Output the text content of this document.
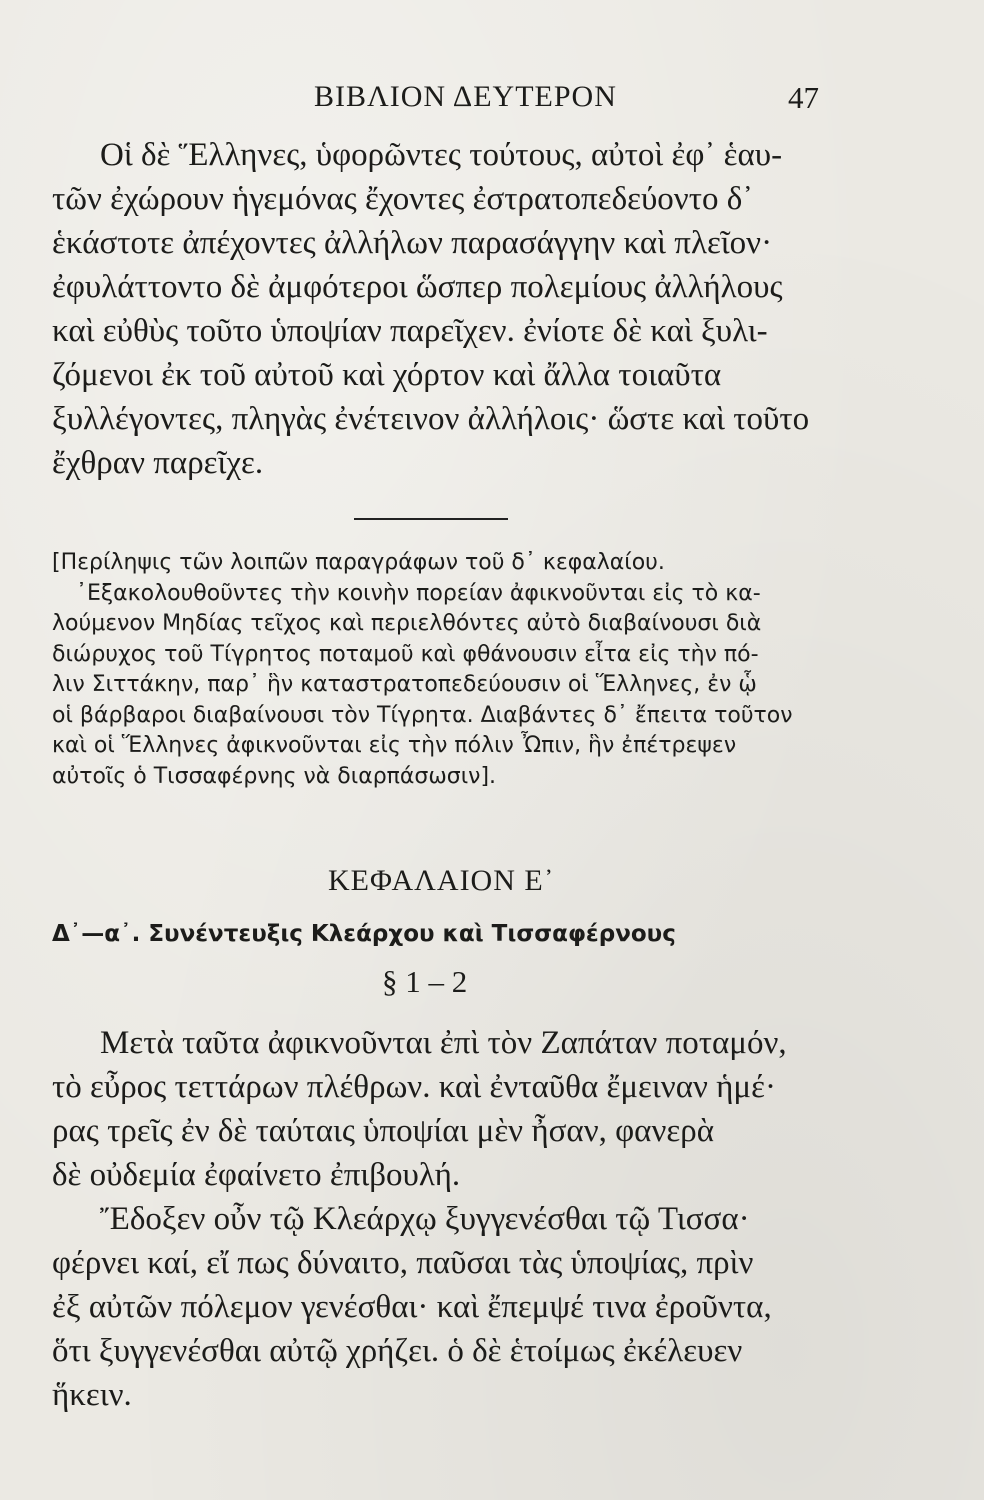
ΒΙΒΛΙΟΝ ΔΕΥΤΕΡΟΝ	47

Οἱ δὲ Ἕλληνες, ὑφορῶντες τούτους, αὐτοὶ ἐφ᾽ ἑαυ-
τῶν ἐχώρουν ἡγεμόνας ἔχοντες ἐστρατοπεδεύοντο δ᾽
ἑκάστοτε ἀπέχοντες ἀλλήλων παρασάγγην καὶ πλεῖον·
ἐφυλάττοντο δὲ ἀμφότεροι ὥσπερ πολεμίους ἀλλήλους
καὶ εὐθὺς τοῦτο ὑποψίαν παρεῖχεν. ἐνίοτε δὲ καὶ ξυλι-
ζόμενοι ἐκ τοῦ αὐτοῦ καὶ χόρτον καὶ ἄλλα τοιαῦτα
ξυλλέγοντες, πληγὰς ἐνέτεινον ἀλλήλοις· ὥστε καὶ τοῦτο
ἔχθραν παρεῖχε.

[Περίληψις τῶν λοιπῶν παραγράφων τοῦ δ᾽ κεφαλαίου.
᾽Εξακολουθοῦντες τὴν κοινὴν πορείαν ἀφικνοῦνται εἰς τὸ κα-
λούμενον Μηδίας τεῖχος καὶ περιελθόντες αὐτὸ διαβαίνουσι διὰ
διώρυχος τοῦ Τίγρητος ποταμοῦ καὶ φθάνουσιν εἶτα εἰς τὴν πό-
λιν Σιττάκην, παρ᾽ ἣν καταστρατοπεδεύουσιν οἱ Ἕλληνες, ἐν ᾧ
οἱ βάρβαροι διαβαίνουσι τὸν Τίγρητα. Διαβάντες δ᾽ ἔπειτα τοῦτον
καὶ οἱ Ἕλληνες ἀφικνοῦνται εἰς τὴν πόλιν Ὦπιν, ἣν ἐπέτρεψεν
αὐτοῖς ὁ Τισσαφέρνης νὰ διαρπάσωσιν].

ΚΕΦΑΛΑΙΟΝ Ε᾽
Δ᾽—α᾽. Συνέντευξις Κλεάρχου καὶ Τισσαφέρνους
§ 1 – 2

Μετὰ ταῦτα ἀφικνοῦνται ἐπὶ τὸν Ζαπάταν ποταμόν,
τὸ εὖρος τεττάρων πλέθρων. καὶ ἐνταῦθα ἔμειναν ἡμέ·
ρας τρεῖς ἐν δὲ ταύταις ὑποψίαι μὲν ἦσαν, φανερὰ
δὲ οὐδεμία ἐφαίνετο ἐπιβουλή.

Ἔδοξεν οὖν τῷ Κλεάρχῳ ξυγγενέσθαι τῷ Τισσα·
φέρνει καί, εἴ πως δύναιτο, παῦσαι τὰς ὑποψίας, πρὶν
ἐξ αὐτῶν πόλεμον γενέσθαι· καὶ ἔπεμψέ τινα ἐροῦντα,
ὅτι ξυγγενέσθαι αὐτῷ χρήζει. ὁ δὲ ἑτοίμως ἐκέλευεν
ἥκειν.
